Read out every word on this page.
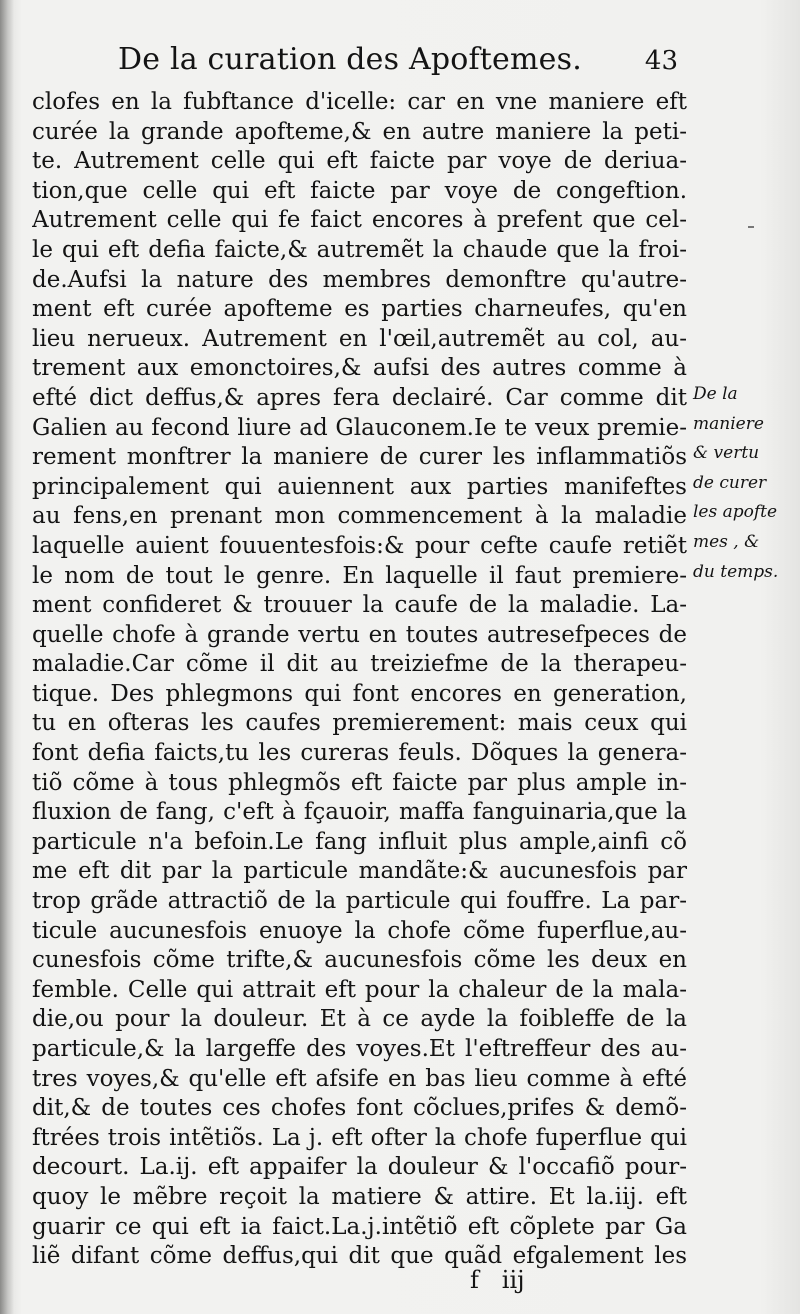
De la curation des Apoftemes. 43
clofes en la fubftance d'icelle: car en vne maniere eft
curée la grande apofteme,& en autre maniere la peti-
te. Autrement celle qui eft faicte par voye de deriua-
tion,que celle qui eft faicte par voye de congeftion.
Autrement celle qui fe faict encores à prefent que cel-
le qui eft defia faicte,& autremẽt la chaude que la froi-
de.Aufsi la nature des membres demonftre qu'autre-
ment eft curée apofteme es parties charneufes, qu'en
lieu nerueux. Autrement en l'œil,autremẽt au col, au-
trement aux emonctoires,& aufsi des autres comme à
efté dict deffus,& apres fera declairé. Car comme dit
Galien au fecond liure ad Glauconem.Ie te veux premie-
rement monftrer la maniere de curer les inflammatiõs
principalement qui auiennent aux parties manifeftes
au fens,en prenant mon commencement à la maladie
laquelle auient fouuentesfois:& pour cefte caufe retiẽt
le nom de tout le genre. En laquelle il faut premiere-
ment confideret & trouuer la caufe de la maladie. La-
quelle chofe à grande vertu en toutes autresefpeces de
maladie.Car cõme il dit au treiziefme de la therapeu-
tique. Des phlegmons qui font encores en generation,
tu en ofteras les caufes premierement: mais ceux qui
font defia faicts,tu les cureras feuls. Dõques la genera-
tiõ cõme à tous phlegmõs eft faicte par plus ample in-
fluxion de fang, c'eft à fçauoir, maffa fanguinaria,que la
particule n'a befoin.Le fang influit plus ample,ainfi cõ
me eft dit par la particule mandãte:& aucunesfois par
trop grãde attractiõ de la particule qui fouffre. La par-
ticule aucunesfois enuoye la chofe cõme fuperflue,au-
cunesfois cõme trifte,& aucunesfois cõme les deux en
femble. Celle qui attrait eft pour la chaleur de la mala-
die,ou pour la douleur. Et à ce ayde la foibleffe de la
particule,& la largeffe des voyes.Et l'eftreffeur des au-
tres voyes,& qu'elle eft afsife en bas lieu comme à efté
dit,& de toutes ces chofes font cõclues,prifes & demõ-
ftrées trois intẽtiõs. La j. eft ofter la chofe fuperflue qui
decourt. La.ij. eft appaifer la douleur & l'occafiõ pour-
quoy le mẽbre reçoit la matiere & attire. Et la.iij. eft
guarir ce qui eft ia faict.La.j.intẽtiõ eft cõplete par Ga
liẽ difant cõme deffus,qui dit que quãd efgalement les
De la
maniere
& vertu
de curer
les apofte
mes , &
du temps.
f   iij
